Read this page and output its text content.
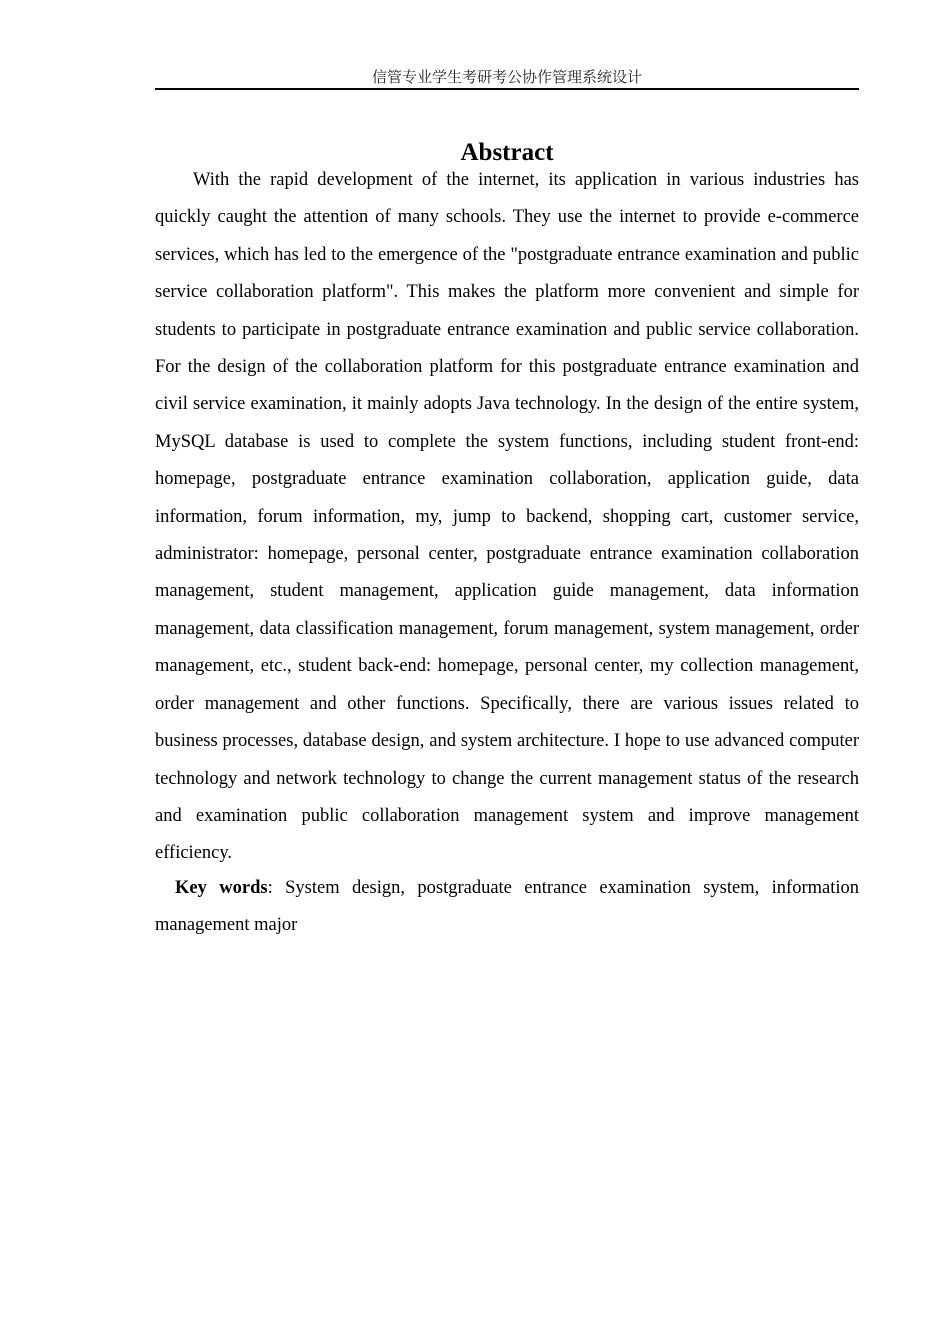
信管专业学生考研考公协作管理系统设计
Abstract

With the rapid development of the internet, its application in various industries has quickly caught the attention of many schools. They use the internet to provide e-commerce services, which has led to the emergence of the "postgraduate entrance examination and public service collaboration platform". This makes the platform more convenient and simple for students to participate in postgraduate entrance examination and public service collaboration. For the design of the collaboration platform for this postgraduate entrance examination and civil service examination, it mainly adopts Java technology. In the design of the entire system, MySQL database is used to complete the system functions, including student front-end: homepage, postgraduate entrance examination collaboration, application guide, data information, forum information, my, jump to backend, shopping cart, customer service, administrator: homepage, personal center, postgraduate entrance examination collaboration management, student management, application guide management, data information management, data classification management, forum management, system management, order management, etc., student back-end: homepage, personal center, my collection management, order management and other functions. Specifically, there are various issues related to business processes, database design, and system architecture. I hope to use advanced computer technology and network technology to change the current management status of the research and examination public collaboration management system and improve management efficiency.

Key words: System design, postgraduate entrance examination system, information management major
